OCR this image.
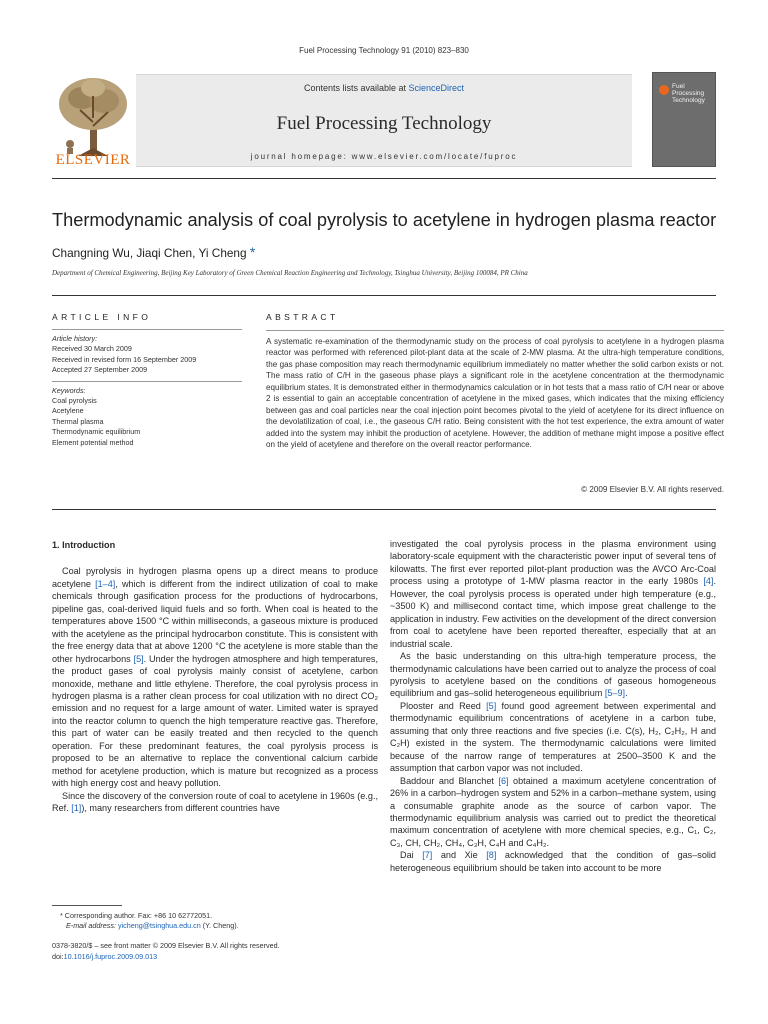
Fuel Processing Technology 91 (2010) 823–830
ELSEVIER
Contents lists available at ScienceDirect
Fuel Processing Technology
journal homepage: www.elsevier.com/locate/fuproc
Fuel Processing Technology
Thermodynamic analysis of coal pyrolysis to acetylene in hydrogen plasma reactor
Changning Wu, Jiaqi Chen, Yi Cheng *
Department of Chemical Engineering, Beijing Key Laboratory of Green Chemical Reaction Engineering and Technology, Tsinghua University, Beijing 100084, PR China
ARTICLE INFO	ABSTRACT
Article history:
Received 30 March 2009
Received in revised form 16 September 2009
Accepted 27 September 2009
Keywords:
Coal pyrolysis
Acetylene
Thermal plasma
Thermodynamic equilibrium
Element potential method
A systematic re-examination of the thermodynamic study on the process of coal pyrolysis to acetylene in a hydrogen plasma reactor was performed with referenced pilot-plant data at the scale of 2-MW plasma. At the ultra-high temperature conditions, the gas phase composition may reach thermodynamic equilibrium immediately no matter whether the solid carbon exists or not. The mass ratio of C/H in the gaseous phase plays a significant role in the acetylene concentration at the thermodynamic equilibrium states. It is demonstrated either in thermodynamics calculation or in hot tests that a mass ratio of C/H near or above 2 is essential to gain an acceptable concentration of acetylene in the mixed gases, which indicates that the mixing efficiency between gas and coal particles near the coal injection point becomes pivotal to the yield of acetylene for its direct influence on the devolatilization of coal, i.e., the gaseous C/H ratio. Being consistent with the hot test experience, the extra amount of water added into the system may inhibit the production of acetylene. However, the addition of methane might impose a positive effect on the yield of acetylene and therefore on the overall reactor performance.
© 2009 Elsevier B.V. All rights reserved.
1. Introduction

Coal pyrolysis in hydrogen plasma opens up a direct means to produce acetylene [1–4], which is different from the indirect utilization of coal to make chemicals through gasification process for the productions of hydrocarbons, pipeline gas, coal-derived liquid fuels and so forth. When coal is heated to the temperatures above 1500 °C within milliseconds, a gaseous mixture is produced with the acetylene as the principal hydrocarbon constitute. This is consistent with the free energy data that at above 1200 °C the acetylene is more stable than the other hydrocarbons [5]. Under the hydrogen atmosphere and high temperatures, the product gases of coal pyrolysis mainly consist of acetylene, carbon monoxide, methane and little ethylene. Therefore, the coal pyrolysis process in hydrogen plasma is a rather clean process for coal utilization with no direct CO₂ emission and no request for a large amount of water. Limited water is sprayed into the reactor column to quench the high temperature reactive gas. Therefore, this part of water can be easily treated and then recycled to the quench operation. For these predominant features, the coal pyrolysis process is proposed to be an alternative to replace the conventional calcium carbide method for acetylene production, which is mature but recognized as a process with high energy cost and heavy pollution.

Since the discovery of the conversion route of coal to acetylene in 1960s (e.g., Ref. [1]), many researchers from different countries have

investigated the coal pyrolysis process in the plasma environment using laboratory-scale equipment with the characteristic power input of several tens of kilowatts. The first ever reported pilot-plant production was the AVCO Arc-Coal process using a prototype of 1-MW plasma reactor in the early 1980s [4]. However, the coal pyrolysis process is operated under high temperature (e.g., ~3500 K) and millisecond contact time, which impose great challenge to the application in industry. Few activities on the development of the direct conversion from coal to acetylene have been reported thereafter, especially that at an industrial scale.

As the basic understanding on this ultra-high temperature process, the thermodynamic calculations have been carried out to analyze the process of coal pyrolysis to acetylene based on the conditions of gaseous homogeneous equilibrium and gas–solid heterogeneous equilibrium [5–9].

Plooster and Reed [5] found good agreement between experimental and thermodynamic equilibrium concentrations of acetylene in a carbon tube, assuming that only three reactions and five species (i.e. C(s), H₂, C₂H₂, H and C₂H) existed in the system. The thermodynamic calculations were limited because of the narrow range of temperatures at 2500–3500 K and the assumption that carbon vapor was not included.

Baddour and Blanchet [6] obtained a maximum acetylene concentration of 26% in a carbon–hydrogen system and 52% in a carbon–methane system, using a consumable graphite anode as the source of carbon vapor. The thermodynamic equilibrium analysis was carried out to predict the theoretical maximum concentration of acetylene with more chemical species, e.g., C₁, C₂, C₃, CH, CH₂, CH₄, C₃H, C₄H and C₄H₂.

Dai [7] and Xie [8] acknowledged that the condition of gas–solid heterogeneous equilibrium should be taken into account to be more

* Corresponding author. Fax: +86 10 62772051.
E-mail address: yicheng@tsinghua.edu.cn (Y. Cheng).
0378-3820/$ – see front matter © 2009 Elsevier B.V. All rights reserved.
doi:10.1016/j.fuproc.2009.09.013
